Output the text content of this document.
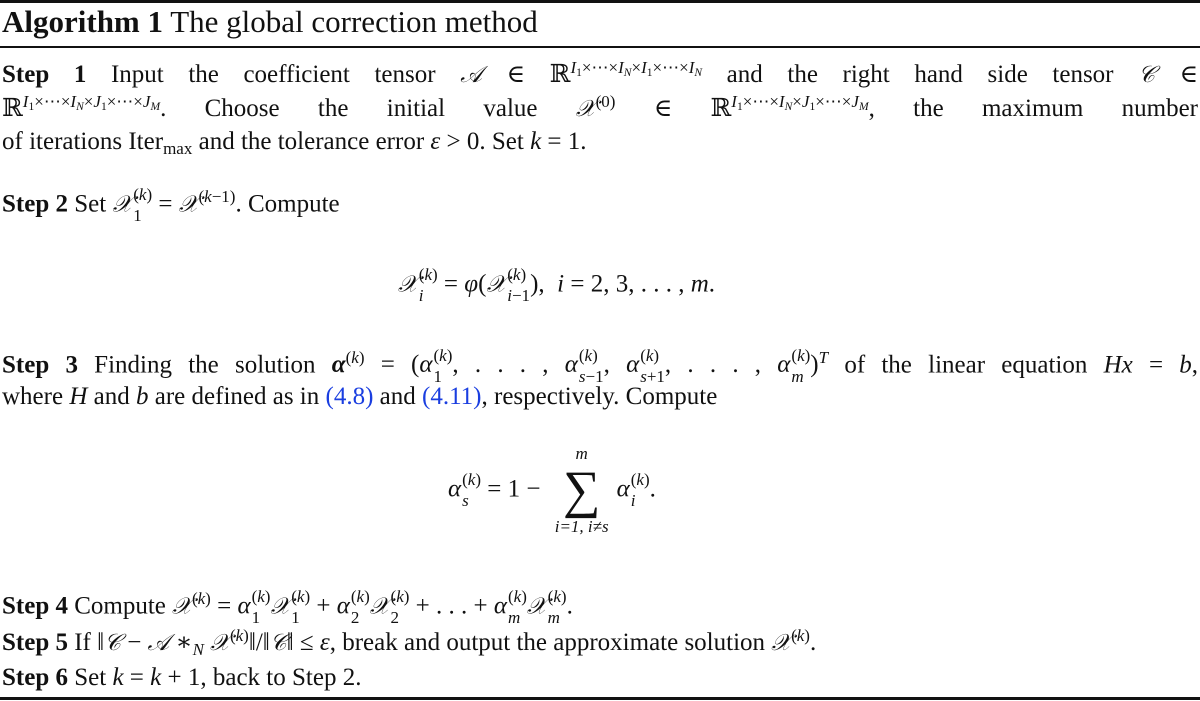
Algorithm 1 The global correction method
Step 1 Input the coefficient tensor 𝒜 ∈ ℝ$^{I_1\times\cdots\times I_N\times I_1\times\cdots\times I_N}$ and the right hand side tensor 𝒞 ∈
ℝ$^{I_1\times\cdots\times I_N\times J_1\times\cdots\times J_M}$. Choose the initial value 𝒳$^{(0)}$ ∈ ℝ$^{I_1\times\cdots\times I_N\times J_1\times\cdots\times J_M}$, the maximum number
of iterations Iter$_{max}$ and the tolerance error ε > 0. Set k = 1.
Step 2 Set 𝒳 (k)
1 = 𝒳$^{(k-1)}$. Compute
𝒳 (k)
i = φ(𝒳 (k)
i−1 ),  i = 2, 3, . . . , m.
Step 3 Finding the solution $\alpha^{(k)} = (\alpha$ (k)
1 , . . . , α (k)
s−1 , α (k)
s+1 , . . . , α (k)
m )$^T$ of the linear equation Hx = b,
where H and b are defined as in (4.8) and (4.11), respectively. Compute
α (k)
s = 1 −
m
∑
i=1, i≠s
α (k)
i .
Step 4 Compute 𝒳$^{(k)}$ = α (k)
1 𝒳 (k)
1 + α (k)
2 𝒳 (k)
2 + . . . + α (k)
m 𝒳 (k)
m .
Step 5 If ‖𝒞 − 𝒜 $∗_N$ 𝒳$^{(k)}$‖/‖𝒞‖ ≤ ε, break and output the approximate solution 𝒳$^{(k)}$.
Step 6 Set k = k + 1, back to Step 2.
